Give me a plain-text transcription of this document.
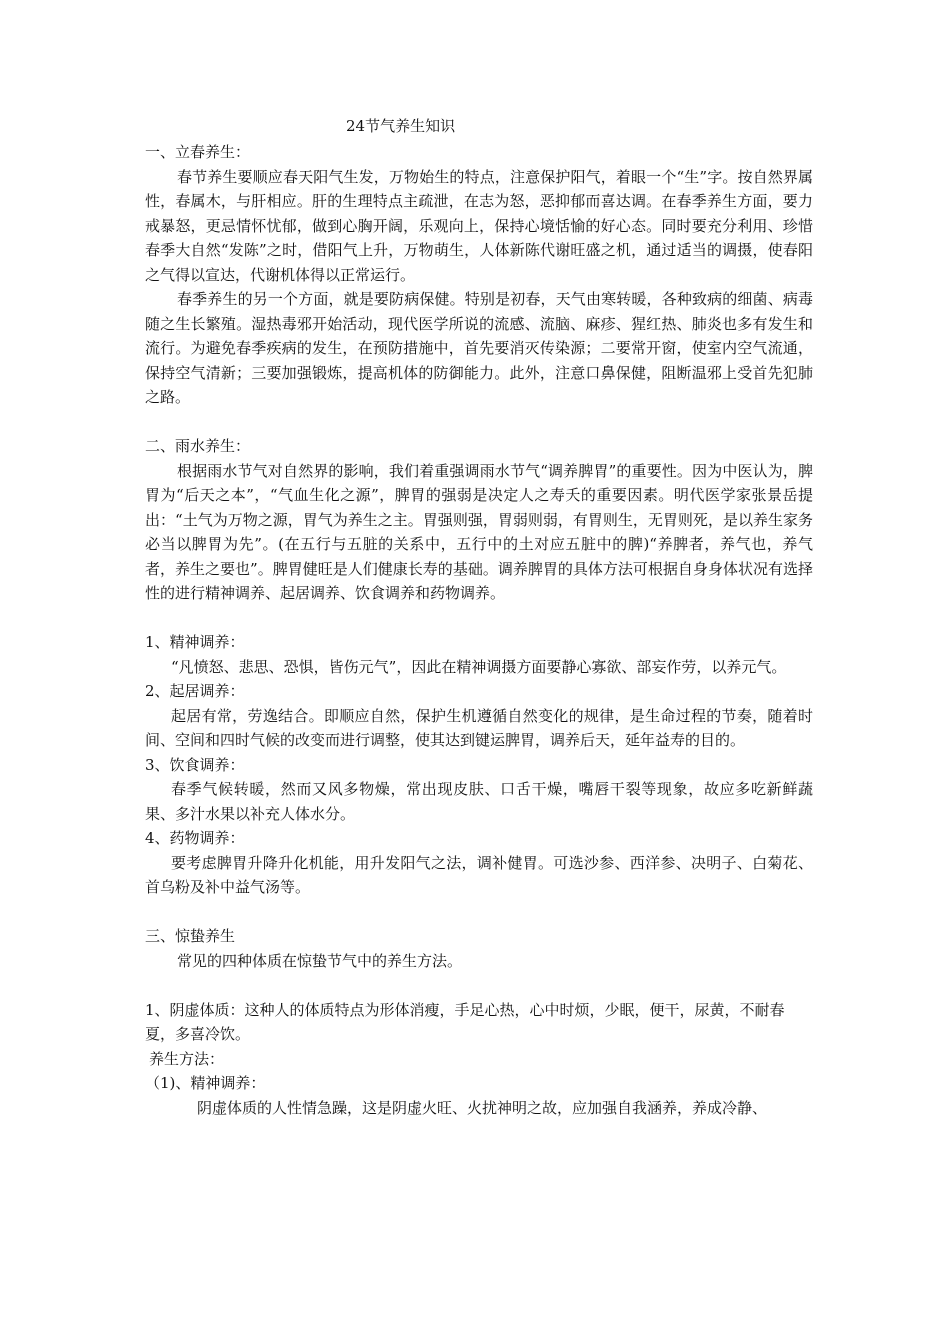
24节气养生知识

一、立春养生：

春节养生要顺应春天阳气生发，万物始生的特点，注意保护阳气，着眼一个“生”字。按自然界属性，春属木，与肝相应。肝的生理特点主疏泄，在志为怒，恶抑郁而喜达调。在春季养生方面，要力戒暴怒，更忌情怀忧郁，做到心胸开阔，乐观向上，保持心境恬愉的好心态。同时要充分利用、珍惜春季大自然“发陈”之时，借阳气上升，万物萌生，人体新陈代谢旺盛之机，通过适当的调摄，使春阳之气得以宣达，代谢机体得以正常运行。

春季养生的另一个方面，就是要防病保健。特别是初春，天气由寒转暖，各种致病的细菌、病毒随之生长繁殖。湿热毒邪开始活动，现代医学所说的流感、流脑、麻疹、猩红热、肺炎也多有发生和流行。为避免春季疾病的发生，在预防措施中，首先要消灭传染源；二要常开窗，使室内空气流通，保持空气清新；三要加强锻炼，提高机体的防御能力。此外，注意口鼻保健，阻断温邪上受首先犯肺之路。

二、雨水养生：

根据雨水节气对自然界的影响，我们着重强调雨水节气“调养脾胃”的重要性。因为中医认为，脾胃为“后天之本”，“气血生化之源”，脾胃的强弱是决定人之寿夭的重要因素。明代医学家张景岳提出：“土气为万物之源，胃气为养生之主。胃强则强，胃弱则弱，有胃则生，无胃则死，是以养生家务必当以脾胃为先”。(在五行与五脏的关系中，五行中的土对应五脏中的脾)“养脾者，养气也，养气者，养生之要也”。脾胃健旺是人们健康长寿的基础。调养脾胃的具体方法可根据自身身体状况有选择性的进行精神调养、起居调养、饮食调养和药物调养。

1、精神调养：

“凡愤怒、悲思、恐惧，皆伤元气”，因此在精神调摄方面要静心寡欲、部妄作劳，以养元气。

2、起居调养：

起居有常，劳逸结合。即顺应自然，保护生机遵循自然变化的规律，是生命过程的节奏，随着时间、空间和四时气候的改变而进行调整，使其达到键运脾胃，调养后天，延年益寿的目的。

3、饮食调养：

春季气候转暖，然而又风多物燥，常出现皮肤、口舌干燥，嘴唇干裂等现象，故应多吃新鲜蔬果、多汁水果以补充人体水分。

4、药物调养：

要考虑脾胃升降升化机能，用升发阳气之法，调补健胃。可选沙参、西洋参、决明子、白菊花、首乌粉及补中益气汤等。

三、惊蛰养生

常见的四种体质在惊蛰节气中的养生方法。

1、阴虚体质：这种人的体质特点为形体消瘦，手足心热，心中时烦，少眠，便干，尿黄，不耐春夏，多喜冷饮。

养生方法：

（1)、精神调养：

阴虚体质的人性情急躁，这是阴虚火旺、火扰神明之故，应加强自我涵养，养成冷静、
